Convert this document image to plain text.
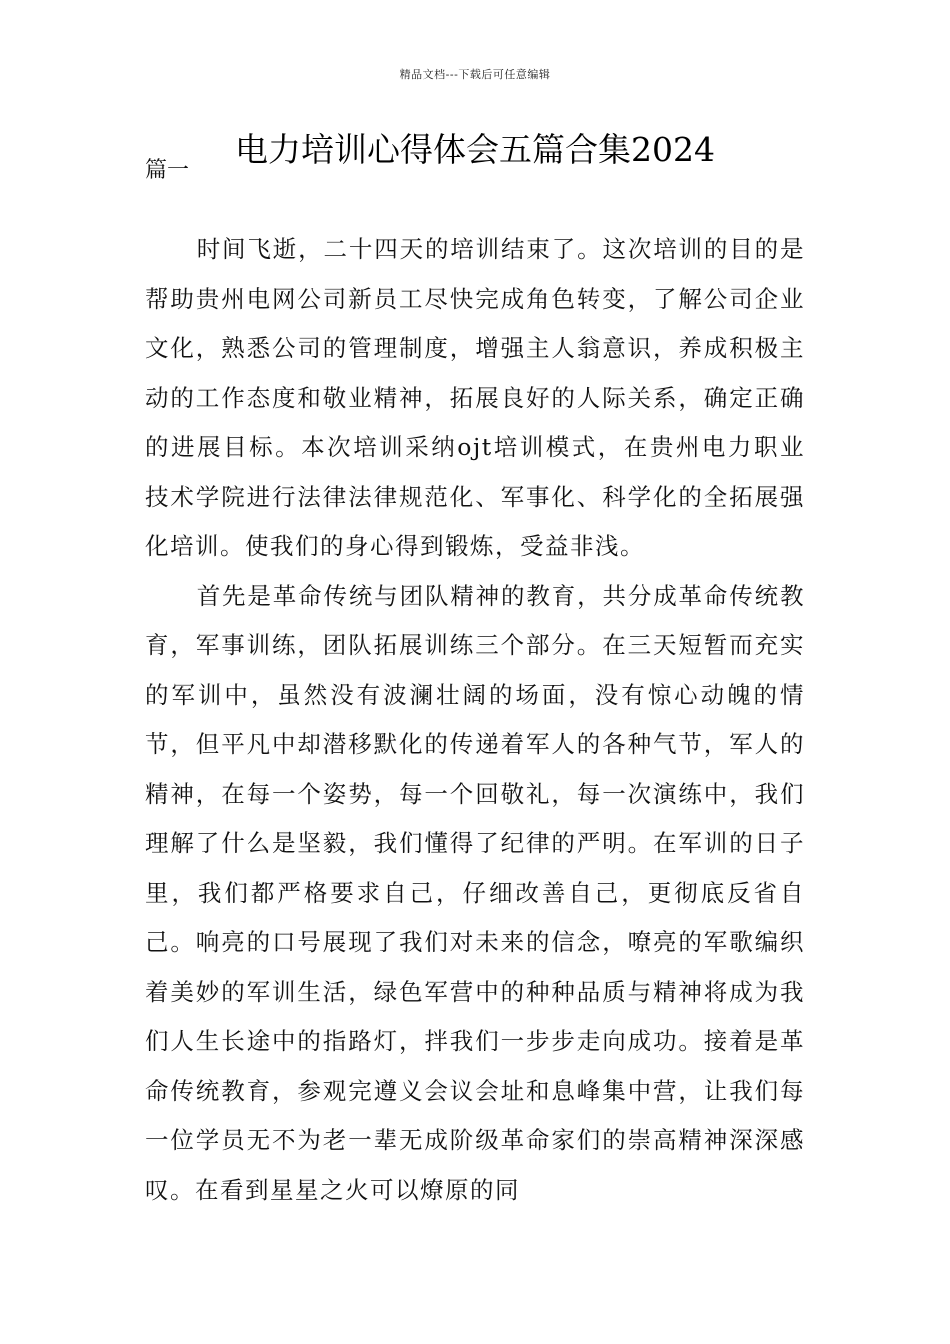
精品文档---下载后可任意编辑
电力培训心得体会五篇合集2024
篇一

时间飞逝，二十四天的培训结束了。这次培训的目的是帮助贵州电网公司新员工尽快完成角色转变，了解公司企业文化，熟悉公司的管理制度，增强主人翁意识，养成积极主动的工作态度和敬业精神，拓展良好的人际关系，确定正确的进展目标。本次培训采纳ojt培训模式，在贵州电力职业技术学院进行法律法律规范化、军事化、科学化的全拓展强化培训。使我们的身心得到锻炼，受益非浅。

首先是革命传统与团队精神的教育，共分成革命传统教育，军事训练，团队拓展训练三个部分。在三天短暂而充实的军训中，虽然没有波澜壮阔的场面，没有惊心动魄的情节，但平凡中却潜移默化的传递着军人的各种气节，军人的精神，在每一个姿势，每一个回敬礼，每一次演练中，我们理解了什么是坚毅，我们懂得了纪律的严明。在军训的日子里，我们都严格要求自己，仔细改善自己，更彻底反省自己。响亮的口号展现了我们对未来的信念，嘹亮的军歌编织着美妙的军训生活，绿色军营中的种种品质与精神将成为我们人生长途中的指路灯，拌我们一步步走向成功。接着是革命传统教育，参观完遵义会议会址和息峰集中营，让我们每一位学员无不为老一辈无成阶级革命家们的崇高精神深深感叹。在看到星星之火可以燎原的同
